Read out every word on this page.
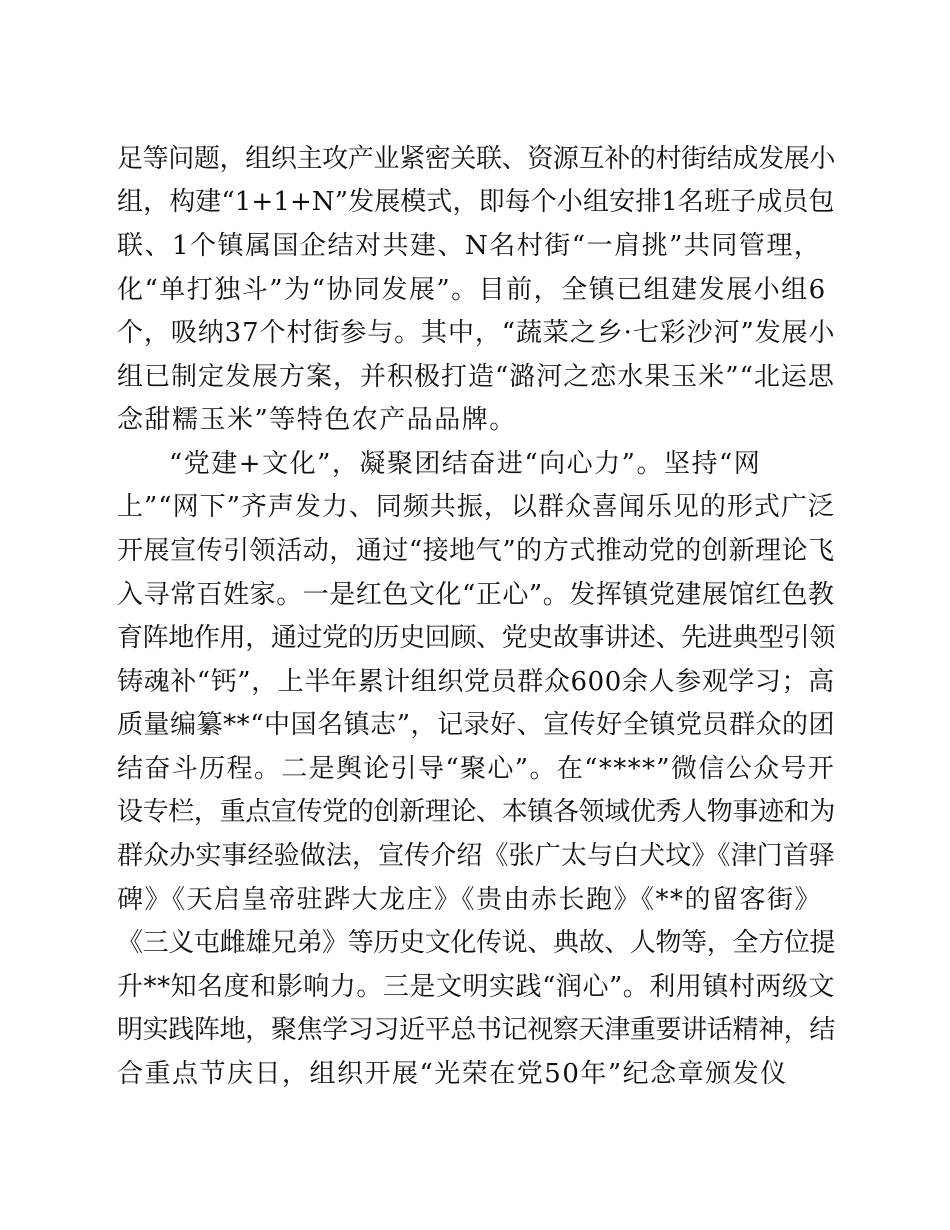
足等问题，组织主攻产业紧密关联、资源互补的村街结成发展小
组，构建“1+1+N”发展模式，即每个小组安排1名班子成员包
联、1个镇属国企结对共建、N名村街“一肩挑”共同管理，
化“单打独斗”为“协同发展”。目前，全镇已组建发展小组6
个，吸纳37个村街参与。其中，“蔬菜之乡·七彩沙河”发展小
组已制定发展方案，并积极打造“潞河之恋水果玉米”“北运思
念甜糯玉米”等特色农产品品牌。
“党建+文化”，凝聚团结奋进“向心力”。坚持“网
上”“网下”齐声发力、同频共振，以群众喜闻乐见的形式广泛
开展宣传引领活动，通过“接地气”的方式推动党的创新理论飞
入寻常百姓家。一是红色文化“正心”。发挥镇党建展馆红色教
育阵地作用，通过党的历史回顾、党史故事讲述、先进典型引领
铸魂补“钙”，上半年累计组织党员群众600余人参观学习；高
质量编纂**“中国名镇志”，记录好、宣传好全镇党员群众的团
结奋斗历程。二是舆论引导“聚心”。在“****”微信公众号开
设专栏，重点宣传党的创新理论、本镇各领域优秀人物事迹和为
群众办实事经验做法，宣传介绍《张广太与白犬坟》《津门首驿
碑》《天启皇帝驻跸大龙庄》《贵由赤长跑》《**的留客街》
《三义屯雌雄兄弟》等历史文化传说、典故、人物等，全方位提
升**知名度和影响力。三是文明实践“润心”。利用镇村两级文
明实践阵地，聚焦学习习近平总书记视察天津重要讲话精神，结
合重点节庆日，组织开展“光荣在党50年”纪念章颁发仪
